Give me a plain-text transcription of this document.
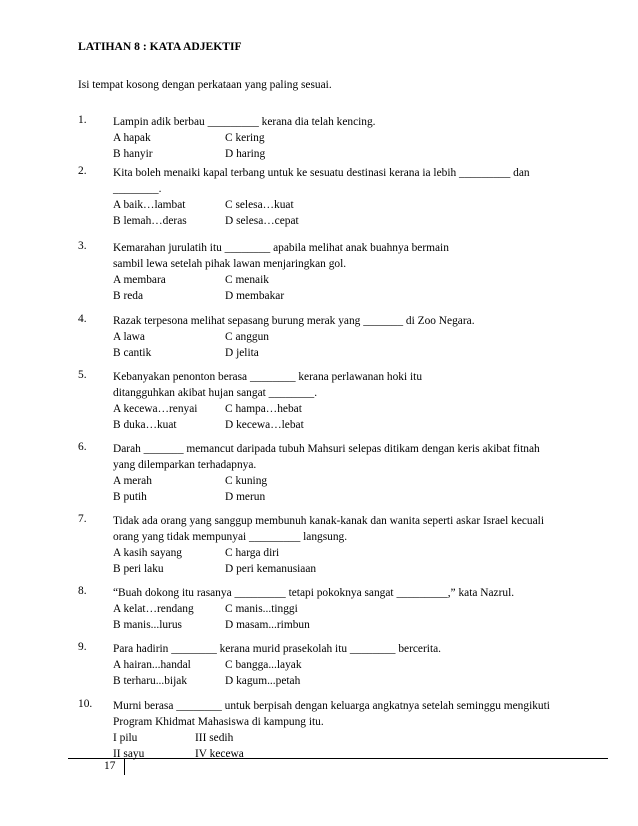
LATIHAN 8 : KATA ADJEKTIF
Isi tempat kosong dengan perkataan yang paling sesuai.
1. Lampin adik berbau _________ kerana dia telah kencing.
A hapak	C kering
B hanyir	D haring
2. Kita boleh menaiki kapal terbang untuk ke sesuatu destinasi kerana ia lebih _________ dan
________.
A baik…lambat	C selesa…kuat
B lemah…deras	D selesa…cepat
3. Kemarahan jurulatih itu ________ apabila melihat anak buahnya bermain
sambil lewa setelah pihak lawan menjaringkan gol.
A membara	C menaik
B reda	D membakar
4. Razak terpesona melihat sepasang burung merak yang _______ di Zoo Negara.
A lawa	C anggun
B cantik	D jelita
5. Kebanyakan penonton berasa ________ kerana perlawanan hoki itu
ditangguhkan akibat hujan sangat ________.
A kecewa…renyai C hampa…hebat
B duka…kuat	D kecewa…lebat
6. Darah _______ memancut daripada tubuh Mahsuri selepas ditikam dengan keris akibat fitnah
yang dilemparkan terhadapnya.
A merah	C kuning
B putih	D merun
7. Tidak ada orang yang sanggup membunuh kanak-kanak dan wanita seperti askar Israel kecuali
orang yang tidak mempunyai _________ langsung.
A kasih sayang	C harga diri
B peri laku	D peri kemanusiaan
8. “Buah dokong itu rasanya _________ tetapi pokoknya sangat _________,” kata Nazrul.
A kelat…rendang	C manis...tinggi
B manis...lurus	D masam...rimbun
9. Para hadirin ________ kerana murid prasekolah itu ________ bercerita.
A hairan...handal	C bangga...layak
B terharu...bijak	D kagum...petah
10. Murni berasa ________ untuk berpisah dengan keluarga angkatnya setelah seminggu mengikuti
Program Khidmat Mahasiswa di kampung itu.
I pilu	III sedih
II sayu	IV kecewa
17
